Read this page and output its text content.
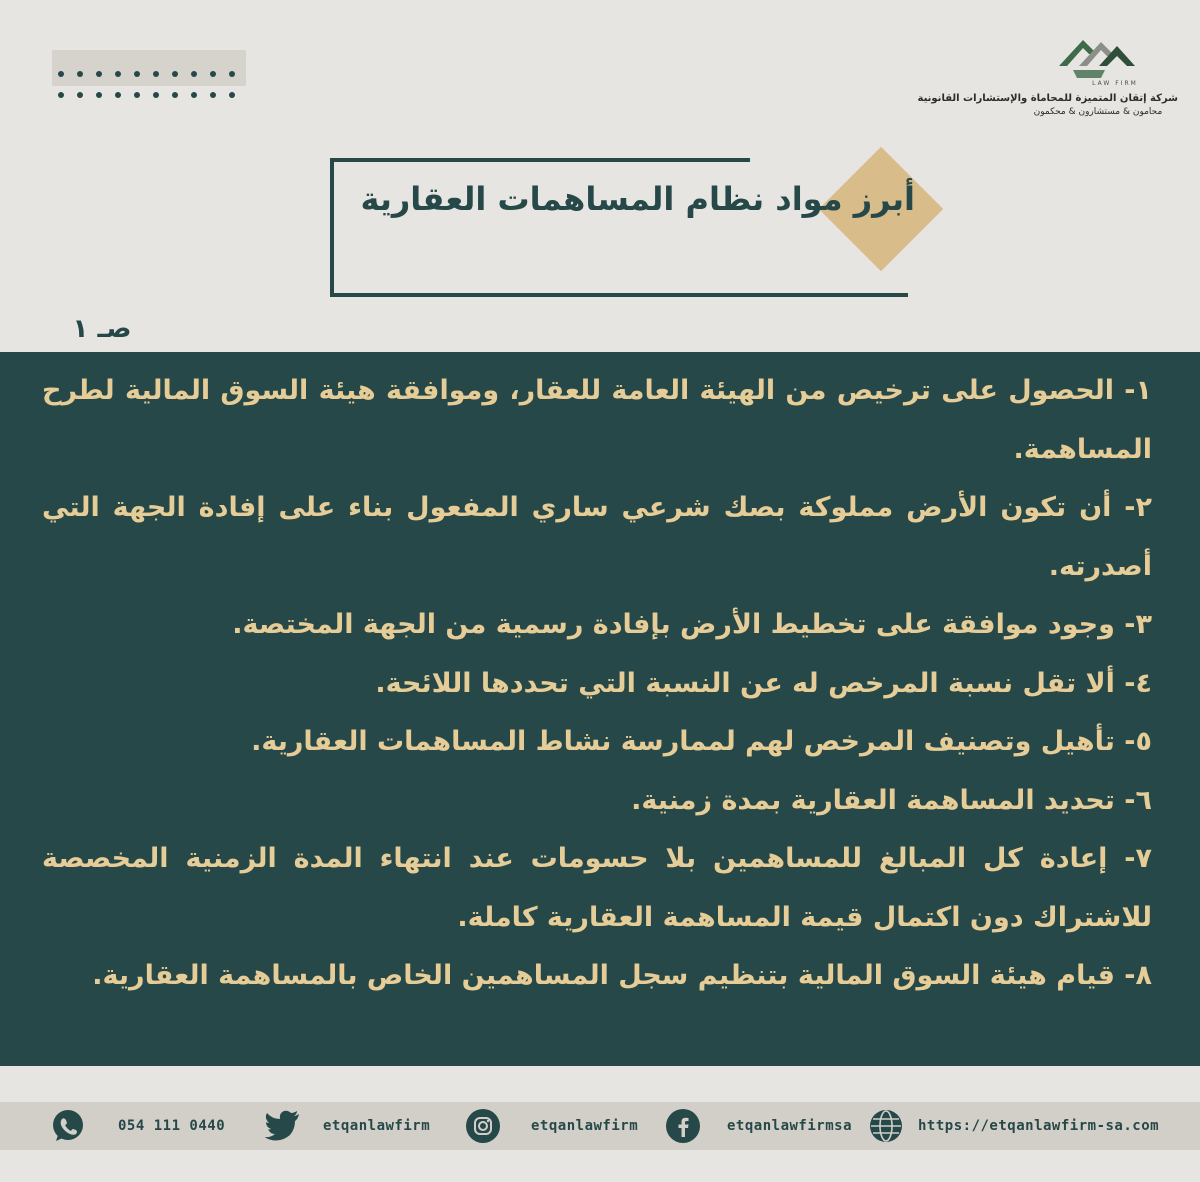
LAW FIRM
شركة إتقان المتميزة للمحاماة والإستشارات القانونية
محامون & مستشارون & محكمون
أبرز مواد نظام المساهمات العقارية
صـ ١

١- الحصول على ترخيص من الهيئة العامة للعقار، وموافقة هيئة السوق المالية لطرح المساهمة.

٢- أن تكون الأرض مملوكة بصك شرعي ساري المفعول بناء على إفادة الجهة التي أصدرته.

٣- وجود موافقة على تخطيط الأرض بإفادة رسمية من الجهة المختصة.

٤- ألا تقل نسبة المرخص له عن النسبة التي تحددها اللائحة.

٥- تأهيل وتصنيف المرخص لهم لممارسة نشاط المساهمات العقارية.

٦- تحديد المساهمة العقارية بمدة زمنية.

٧- إعادة كل المبالغ للمساهمين بلا حسومات عند انتهاء المدة الزمنية المخصصة للاشتراك دون اكتمال قيمة المساهمة العقارية كاملة.

٨- قيام هيئة السوق المالية بتنظيم سجل المساهمين الخاص بالمساهمة العقارية.

054 111 0440	etqanlawfirm	etqanlawfirm	etqanlawfirmsa	https://etqanlawfirm-sa.com
